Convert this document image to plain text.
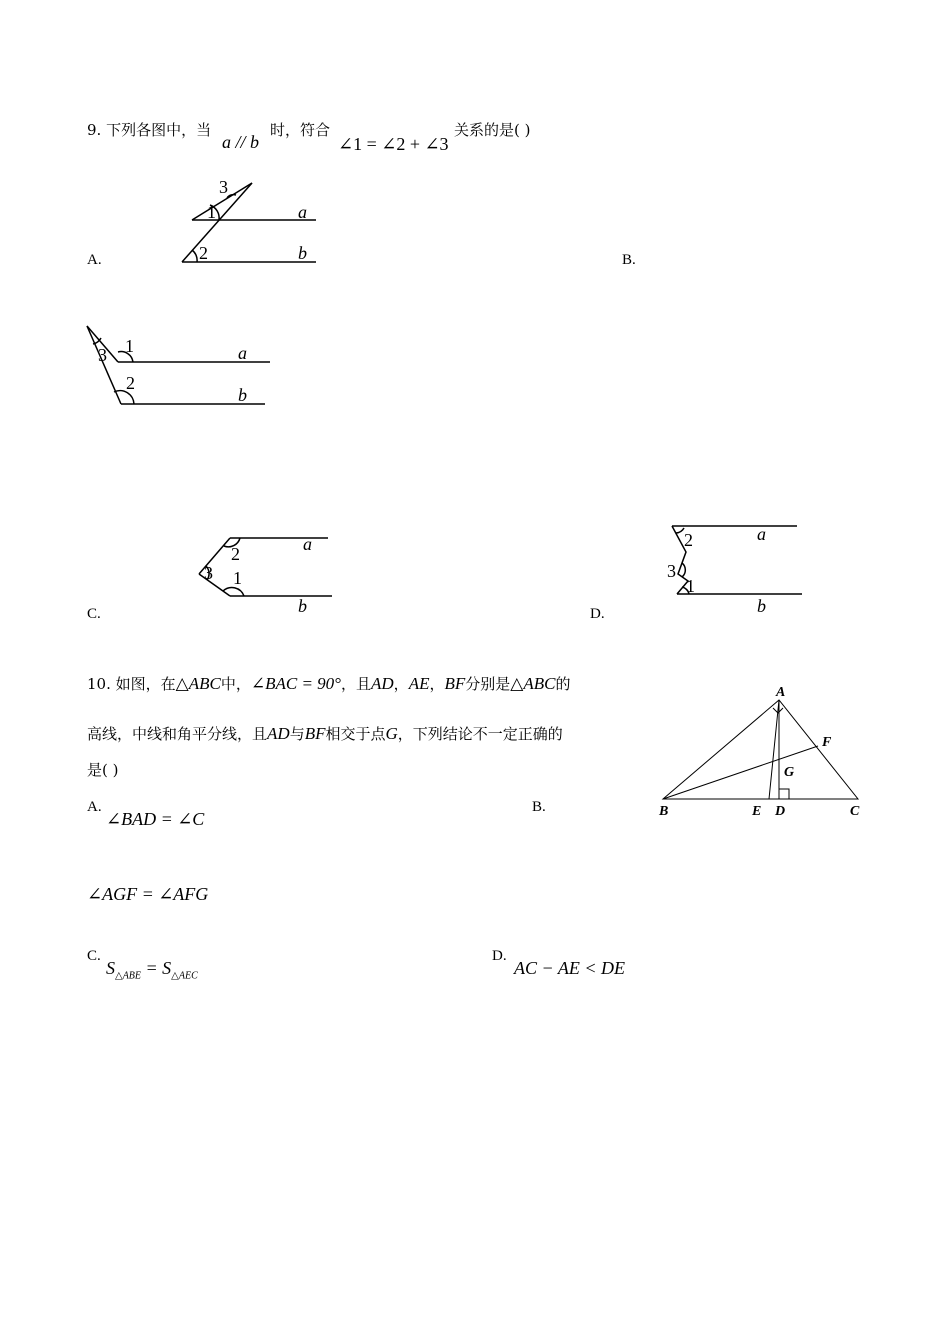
9. 下列各图中，当
a // b
时，符合
∠1 = ∠2 + ∠3
关系的是( )
A.	B.
C.	D.
3
1
2
a
b
1
3
2
a
b
2
3 1
a
b
2
3
1
a
b
10. 如图，在△ABC中，∠BAC = 90°，且AD，AE，BF分别是△ABC的
高线，中线和角平分线，且AD与BF相交于点G，下列结论不一定正确的
是( )
A.
∠BAD = ∠C
B.
∠AGF = ∠AFG
C.
$S_{\triangle ABE} = S_{\triangle AEC}$
D.
AC − AE < DE
A
B	C
D
E
F
G
